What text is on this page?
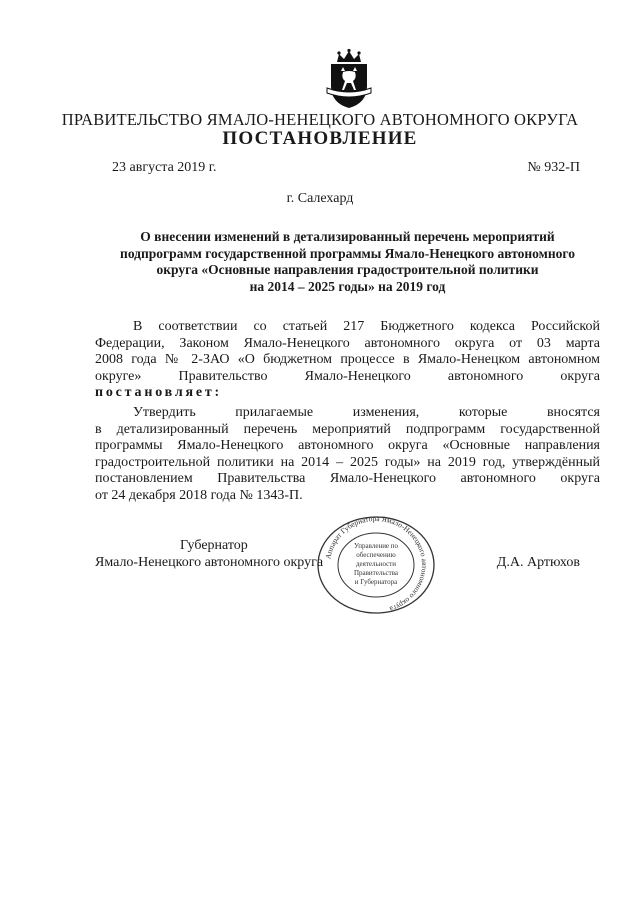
ПРАВИТЕЛЬСТВО ЯМАЛО-НЕНЕЦКОГО АВТОНОМНОГО ОКРУГА
ПОСТАНОВЛЕНИЕ
23 августа 2019 г.	№ 932-П
г. Салехард
О внесении изменений в детализированный перечень мероприятий
подпрограмм государственной программы Ямало-Ненецкого автономного
округа «Основные направления градостроительной политики
на 2014 – 2025 годы» на 2019 год
В соответствии со статьей 217 Бюджетного кодекса Российской
Федерации, Законом Ямало-Ненецкого автономного округа от 03 марта
2008 года № 2-ЗАО «О бюджетном процессе в Ямало-Ненецком автономном
округе» Правительство Ямало-Ненецкого автономного округа
постановляет:
Утвердить прилагаемые изменения, которые вносятся
в детализированный перечень мероприятий подпрограмм государственной
программы Ямало-Ненецкого автономного округа «Основные направления
градостроительной политики на 2014 – 2025 годы» на 2019 год, утверждённый
постановлением Правительства Ямало-Ненецкого автономного округа
от 24 декабря 2018 года № 1343-П.
Аппарат Губернатора Ямало-Ненецкого автономного округа
Управление по
обеспечению
деятельности
Правительства
и Губернатора
Губернатор
Ямало-Ненецкого автономного округа	Д.А. Артюхов
